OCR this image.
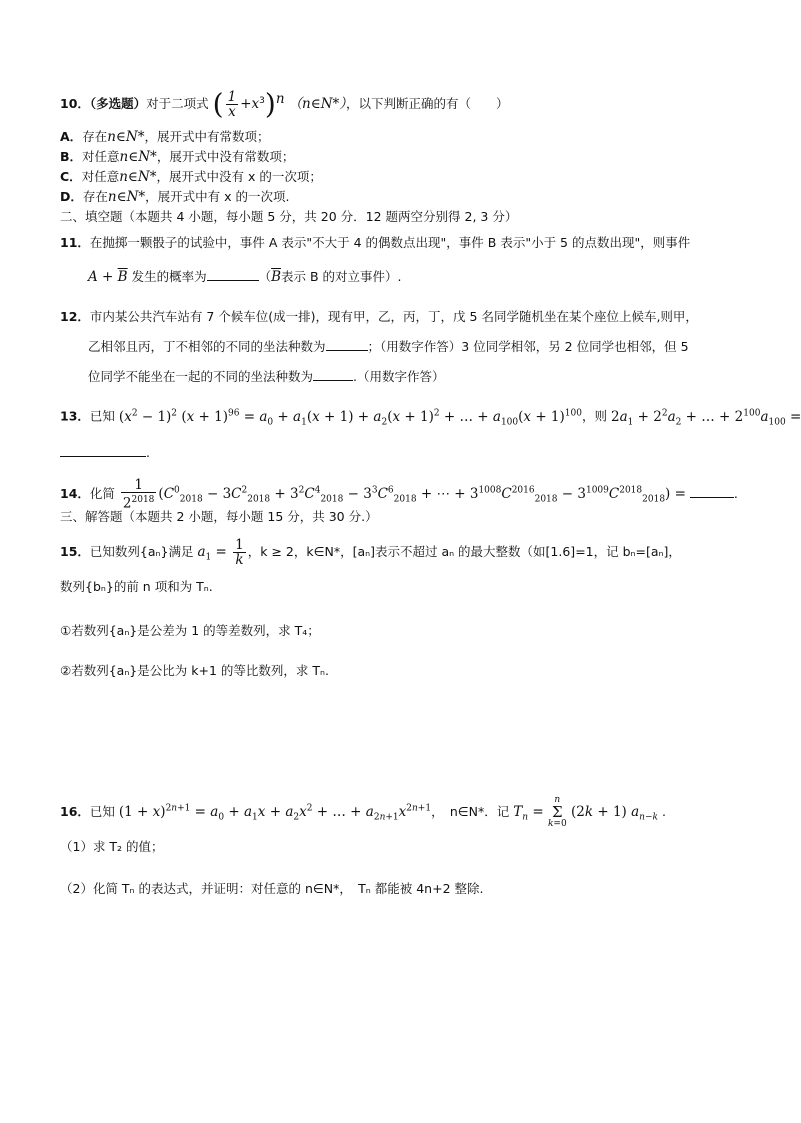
10．（多选题）对于二项式 ( $\frac{1}{x} +x^3)^n$ （n∈N*），以下判断正确的有（　　）
A．存在n∈N*，展开式中有常数项；
B．对任意n∈N*，展开式中没有常数项；
C．对任意n∈N*，展开式中没有 x 的一次项；
D．存在n∈N*，展开式中有 x 的一次项.
二、填空题（本题共 4 小题，每小题 5 分，共 20 分．12 题两空分别得 2, 3 分）
11．在抛掷一颗骰子的试验中，事件 A 表示"不大于 4 的偶数点出现"，事件 B 表示"小于 5 的点数出现"，则事件
$A + \overline{B}$ 发生的概率为	（$\overline{B}$表示 B 的对立事件）.
12．市内某公共汽车站有 7 个候车位(成一排)，现有甲，乙，丙，丁，戊 5 名同学随机坐在某个座位上候车,则甲，
乙相邻且丙，丁不相邻的不同的坐法种数为	；（用数字作答）3 位同学相邻，另 2 位同学也相邻，但 5
位同学不能坐在一起的不同的坐法种数为	.（用数字作答）
13．已知 $(x^2 - 1)^2$ $(x + 1)^{96} = a_0 + a_1(x + 1) + a_2(x + 1)^2$ + … + $a_{100}(x + 1)^{100}$，则 $2a_1 + 2^2a_2$ + … + $2^{100}a_{100}$ =
.
14．化简 $\frac{1}{2^{2018}} (C^0_{2018} - 3C^2_{2018} + 3^2C^4_{2018} - 3^3C^6_{2018}$ + ⋯ + $3^{1008}C^{2016}_{2018} - 3^{1009}C^{2018}_{2018}$) =	.
三、解答题（本题共 2 小题，每小题 15 分，共 30 分.）
15．已知数列{aₙ}满足 $a_1 = \frac{1}{k}$ ，k ≥ 2，k∈N*，[aₙ]表示不超过 aₙ 的最大整数（如[1.6]=1，记 bₙ=[aₙ]，
数列{bₙ}的前 n 项和为 Tₙ.
①若数列{aₙ}是公差为 1 的等差数列，求 T₄；
②若数列{aₙ}是公比为 k+1 的等比数列，求 Tₙ.
16．已知 $(1 + x)^{2n+1} = a_0 + a_1x + a_2x^2$ + … + $a_{2n+1}x^{2n+1}$，　n∈N*．记 $T_n = n$
Σ
k=0 (2k + 1) $a_{n-k}$ .
（1）求 T₂ 的值；
（2）化简 Tₙ 的表达式，并证明：对任意的 n∈N*，　Tₙ 都能被 4n+2 整除.
